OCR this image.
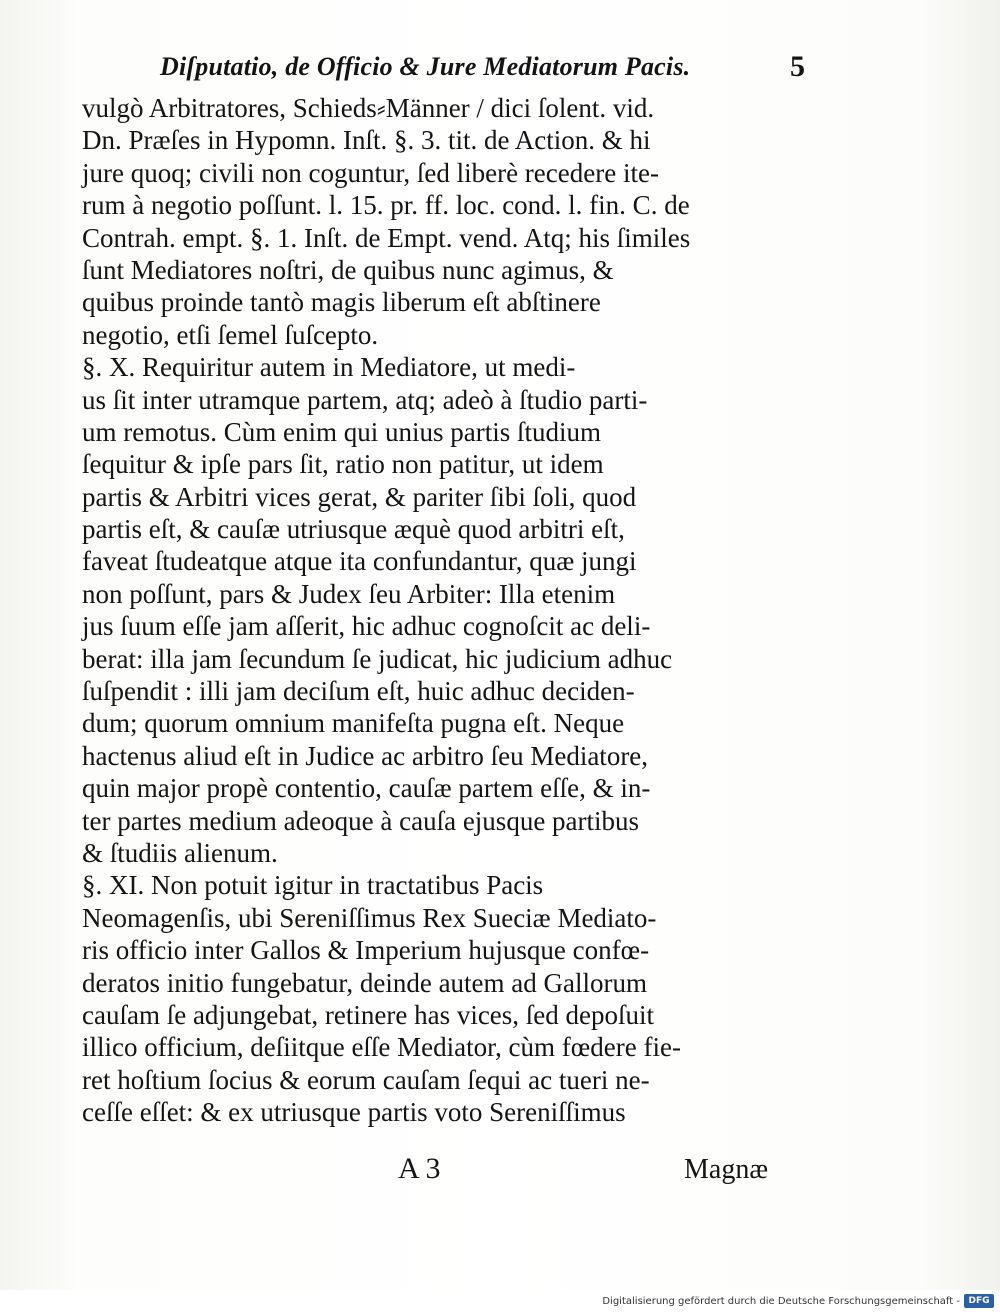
Diſputatio, de Officio & Jure Mediatorum Pacis.	5
vulgò Arbitratores, Schieds⸗Männer / dici ſolent. vid.
Dn. Præſes in Hypomn. Inſt. §. 3. tit. de Action. & hi
jure quoq; civili non coguntur, ſed liberè recedere ite-
rum à negotio poſſunt. l. 15. pr. ff. loc. cond. l. fin. C. de
Contrah. empt. §. 1. Inſt. de Empt. vend. Atq; his ſimiles
ſunt Mediatores noſtri, de quibus nunc agimus, &
quibus proinde tantò magis liberum eſt abſtinere
negotio, etſi ſemel ſuſcepto.
§. X. Requiritur autem in Mediatore, ut medi-
us ſit inter utramque partem, atq; adeò à ſtudio parti-
um remotus. Cùm enim qui unius partis ſtudium
ſequitur & ipſe pars ſit, ratio non patitur, ut idem
partis & Arbitri vices gerat, & pariter ſibi ſoli, quod
partis eſt, & cauſæ utriusque æquè quod arbitri eſt,
faveat ſtudeatque atque ita confundantur, quæ jungi
non poſſunt, pars & Judex ſeu Arbiter: Illa etenim
jus ſuum eſſe jam aſſerit, hic adhuc cognoſcit ac deli-
berat: illa jam ſecundum ſe judicat, hic judicium adhuc
ſuſpendit : illi jam deciſum eſt, huic adhuc deciden-
dum; quorum omnium manifeſta pugna eſt. Neque
hactenus aliud eſt in Judice ac arbitro ſeu Mediatore,
quin major propè contentio, cauſæ partem eſſe, & in-
ter partes medium adeoque à cauſa ejusque partibus
& ſtudiis alienum.
§. XI. Non potuit igitur in tractatibus Pacis
Neomagenſis, ubi Sereniſſimus Rex Sueciæ Mediato-
ris officio inter Gallos & Imperium hujusque confœ-
deratos initio fungebatur, deinde autem ad Gallorum
cauſam ſe adjungebat, retinere has vices, ſed depoſuit
illico officium, deſiitque eſſe Mediator, cùm fœdere fie-
ret hoſtium ſocius & eorum cauſam ſequi ac tueri ne-
ceſſe eſſet: & ex utriusque partis voto Sereniſſimus
A 3	Magnæ
Digitalisierung gefördert durch die Deutsche Forschungsgemeinschaft - DFG
